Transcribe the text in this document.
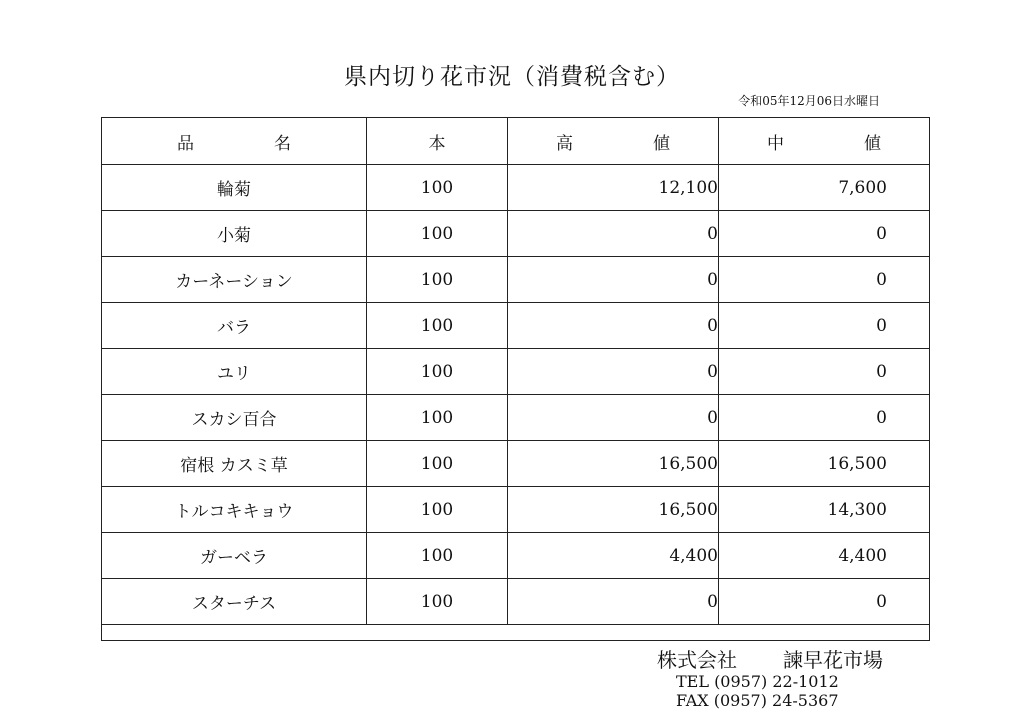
県内切り花市況（消費税含む）
令和05年12月06日水曜日
品 名	本	高 値	中 値

輪菊	100	12,100	7,600
小菊	100	0	0
カーネーション	100	0	0
バラ	100	0	0
ユリ	100	0	0
スカシ百合	100	0	0
宿根 カスミ草	100	16,500	16,500
トルコキキョウ	100	16,500	14,300
ガーベラ	100	4,400	4,400
スターチス	100	0	0

株式会社 諫早花市場
TEL (0957) 22-1012
FAX (0957) 24-5367
